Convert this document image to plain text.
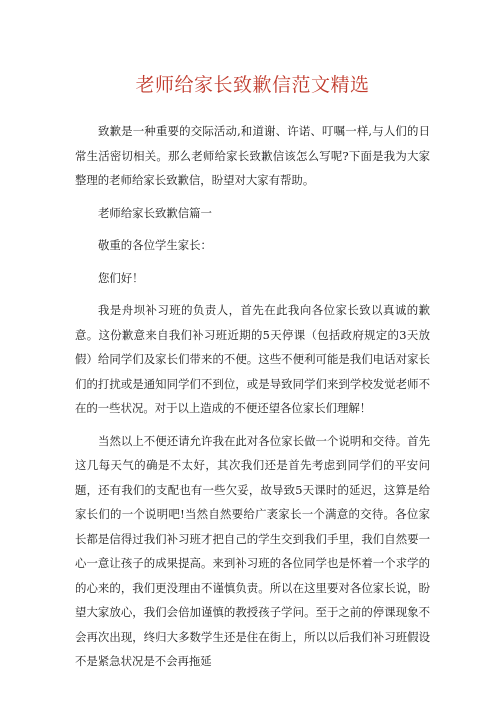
老师给家长致歉信范文精选

致歉是一种重要的交际活动,和道谢、许诺、叮嘱一样,与人们的日常生活密切相关。那么老师给家长致歉信该怎么写呢?下面是我为大家整理的老师给家长致歉信，盼望对大家有帮助。

老师给家长致歉信篇一

敬重的各位学生家长：

您们好！

我是舟坝补习班的负责人，首先在此我向各位家长致以真诚的歉意。这份歉意来自我们补习班近期的5天停课（包括政府规定的3天放假）给同学们及家长们带来的不便。这些不便利可能是我们电话对家长们的打扰或是通知同学们不到位，或是导致同学们来到学校发觉老师不在的一些状况。对于以上造成的不便还望各位家长们理解！

当然以上不便还请允许我在此对各位家长做一个说明和交待。首先这几每天气的确是不太好，其次我们还是首先考虑到同学们的平安问题，还有我们的支配也有一些欠妥，故导致5天课时的延迟，这算是给家长们的一个说明吧!当然自然要给广袤家长一个满意的交待。各位家长都是信得过我们补习班才把自己的学生交到我们手里，我们自然要一心一意让孩子的成果提高。来到补习班的各位同学也是怀着一个求学的的心来的，我们更没理由不谨慎负责。所以在这里要对各位家长说，盼望大家放心，我们会倍加谨慎的教授孩子学问。至于之前的停课现象不会再次出现，终归大多数学生还是住在街上，所以以后我们补习班假设不是紧急状况是不会再拖延
